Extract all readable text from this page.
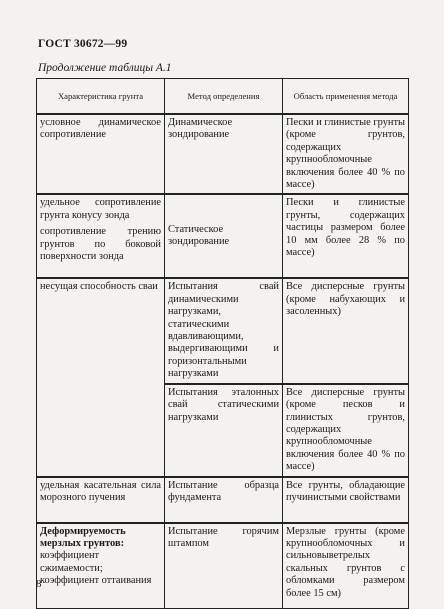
ГОСТ 30672—99
Продолжение таблицы А.1
Характеристика грунта	Метод определения	Область применения метода
условное динамическое сопротивление	Динамическое зондирование	Пески и глинистые грунты (кроме грунтов, содержащих крупнообломочные включения более 40 % по массе)

удельное сопротивление грунта конусу зонда
сопротивление трению грунтов по боковой поверхности зонда	Статическое зондирование	Пески и глинистые грунты, содержащих частицы размером более 10 мм более 28 % по массе)
несущая способность сваи	Испытания свай динамическими нагрузками, статическими вдавливающими, выдергивающими и горизонтальными нагрузками	Все дисперсные грунты (кроме набухающих и засоленных)
	Испытания эталонных свай статическими нагрузками	Все дисперсные грунты (кроме песков и глинистых грунтов, содержащих крупнообломочные включения более 40 % по массе)
удельная касательная сила морозного пучения	Испытание образца фундамента	Все грунты, обладающие пучинистыми свойствами

Деформируемость мерзлых грунтов:
коэффициент сжимаемости;
коэффициент оттаивания	Испытание горячим штампом	Мерзлые грунты (кроме крупнообломочных и сильновыветрелых скальных грунтов с обломками размером более 15 см)
8
